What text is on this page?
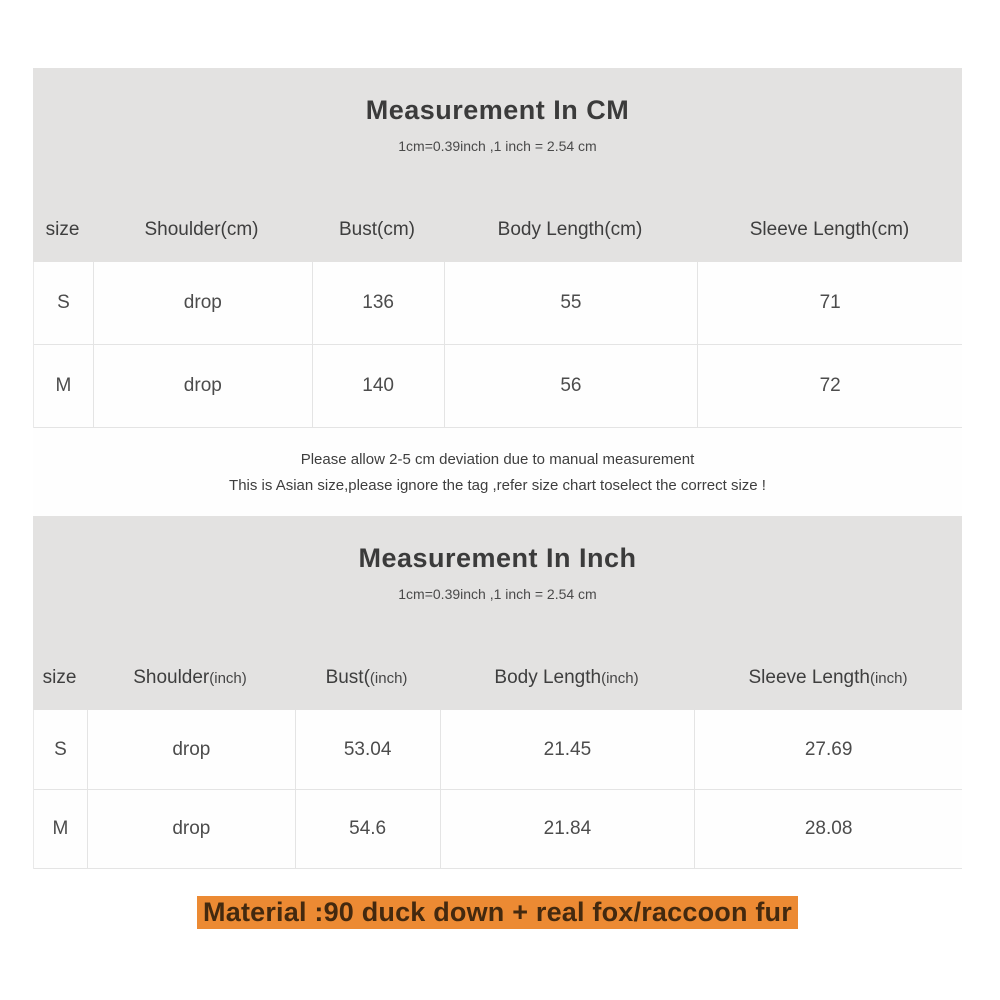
Measurement In CM
1cm=0.39inch ,1 inch = 2.54 cm
size	Shoulder (cm)	Bust (cm)	Body Length (cm)	Sleeve Length (cm)
S	drop	136	55	71
M	drop	140	56	72
Please allow 2-5 cm deviation due to manual measurement
This is Asian size,please ignore the tag ,refer size chart toselect the correct size !
Measurement In Inch
1cm=0.39inch ,1 inch = 2.54 cm
size	Shoulder (inch)	Bust( (inch)	Body Length (inch)	Sleeve Length (inch)
S	drop	53.04	21.45	27.69
M	drop	54.6	21.84	28.08
Material :90 duck down + real fox/raccoon fur
